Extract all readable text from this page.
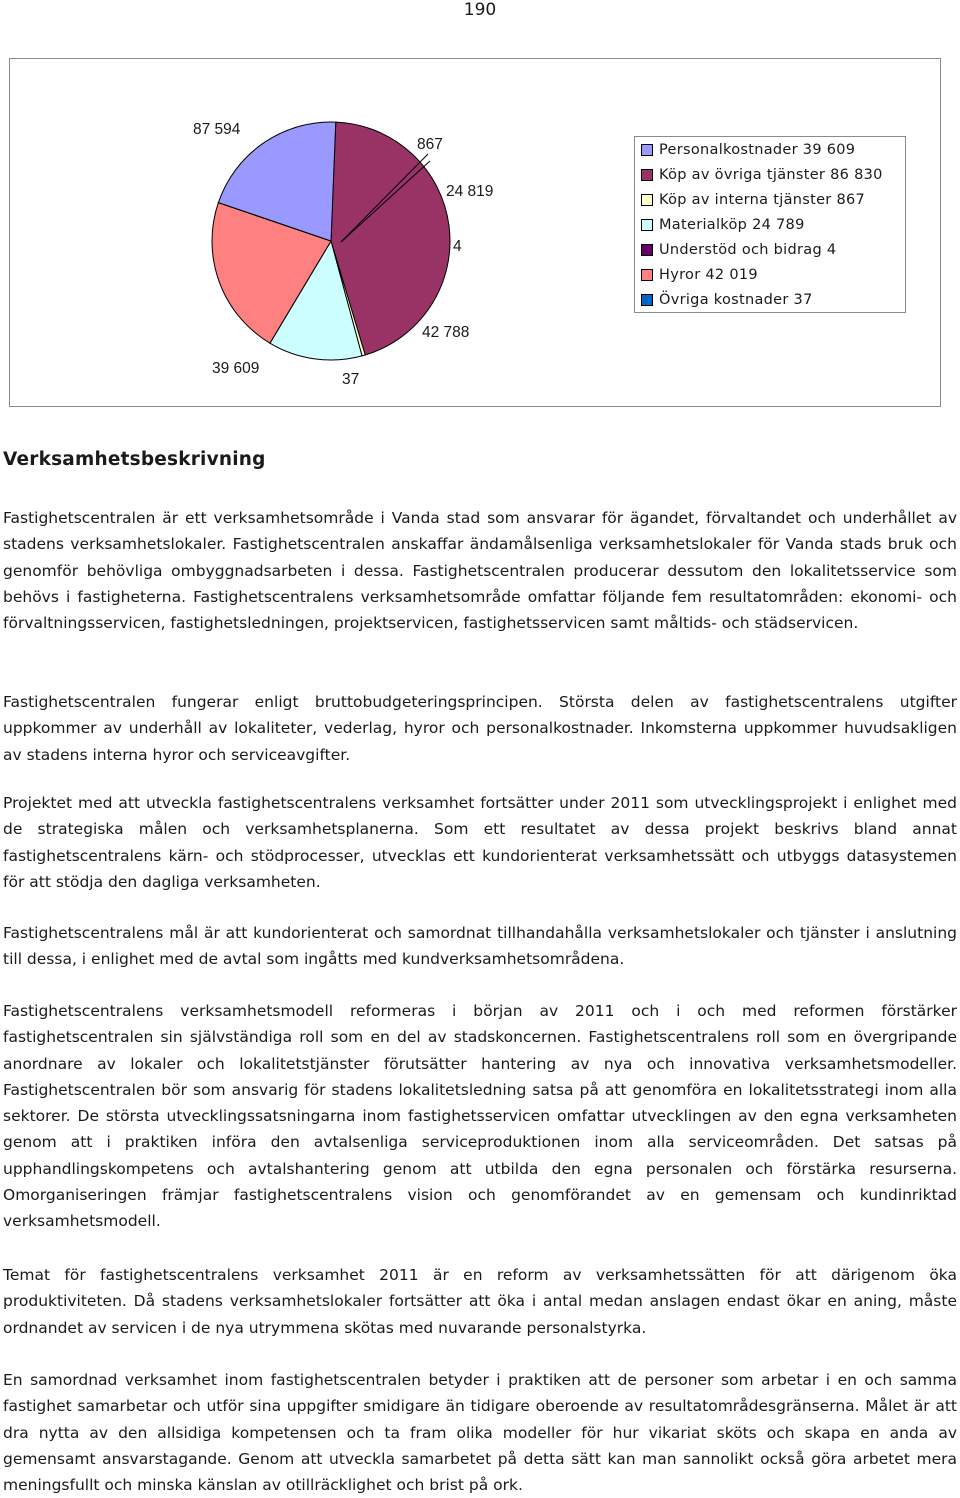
190
87 594
867
24 819
4
42 788
39 609
37
Personalkostnader 39 609
Köp av övriga tjänster 86 830
Köp av interna tjänster 867
Materialköp 24 789
Understöd och bidrag 4
Hyror 42 019
Övriga kostnader 37
Verksamhetsbeskrivning

Fastighetscentralen är ett verksamhetsområde i Vanda stad som ansvarar för ägandet, förvaltandet och underhållet av stadens verksamhetslokaler. Fastighetscentralen anskaffar ändamålsenliga verksamhetslokaler för Vanda stads bruk och genomför behövliga ombyggnadsarbeten i dessa. Fastighetscentralen producerar dessutom den lokalitetsservice som behövs i fastigheterna. Fastighetscentralens verksamhetsområde omfattar följande fem resultatområden: ekonomi- och förvaltningsservicen, fastighetsledningen, projektservicen, fastighetsservicen samt måltids- och städservicen.

Fastighetscentralen fungerar enligt bruttobudgeteringsprincipen. Största delen av fastighetscentralens utgifter uppkommer av underhåll av lokaliteter, vederlag, hyror och personalkostnader. Inkomsterna uppkommer huvudsakligen av stadens interna hyror och serviceavgifter.

Projektet med att utveckla fastighetscentralens verksamhet fortsätter under 2011 som utvecklingsprojekt i enlighet med de strategiska målen och verksamhetsplanerna. Som ett resultatet av dessa projekt beskrivs bland annat fastighetscentralens kärn- och stödprocesser, utvecklas ett kundorienterat verksamhetssätt och utbyggs datasystemen för att stödja den dagliga verksamheten.

Fastighetscentralens mål är att kundorienterat och samordnat tillhandahålla verksamhetslokaler och tjänster i anslutning till dessa, i enlighet med de avtal som ingåtts med kundverksamhetsområdena.

Fastighetscentralens verksamhetsmodell reformeras i början av 2011 och i och med reformen förstärker fastighetscentralen sin självständiga roll som en del av stadskoncernen. Fastighetscentralens roll som en övergripande anordnare av lokaler och lokalitetstjänster förutsätter hantering av nya och innovativa verksamhetsmodeller. Fastighetscentralen bör som ansvarig för stadens lokalitetsledning satsa på att genomföra en lokalitetsstrategi inom alla sektorer. De största utvecklingssatsningarna inom fastighetsservicen omfattar utvecklingen av den egna verksamheten genom att i praktiken införa den avtalsenliga serviceproduktionen inom alla serviceområden. Det satsas på upphandlingskompetens och avtalshantering genom att utbilda den egna personalen och förstärka resurserna. Omorganiseringen främjar fastighetscentralens vision och genomförandet av en gemensam och kundinriktad verksamhetsmodell.

Temat för fastighetscentralens verksamhet 2011 är en reform av verksamhetssätten för att därigenom öka produktiviteten. Då stadens verksamhetslokaler fortsätter att öka i antal medan anslagen endast ökar en aning, måste ordnandet av servicen i de nya utrymmena skötas med nuvarande personalstyrka.

En samordnad verksamhet inom fastighetscentralen betyder i praktiken att de personer som arbetar i en och samma fastighet samarbetar och utför sina uppgifter smidigare än tidigare oberoende av resultatområdesgränserna. Målet är att dra nytta av den allsidiga kompetensen och ta fram olika modeller för hur vikariat sköts och skapa en anda av gemensamt ansvarstagande. Genom att utveckla samarbetet på detta sätt kan man sannolikt också göra arbetet mera meningsfullt och minska känslan av otillräcklighet och brist på ork.
